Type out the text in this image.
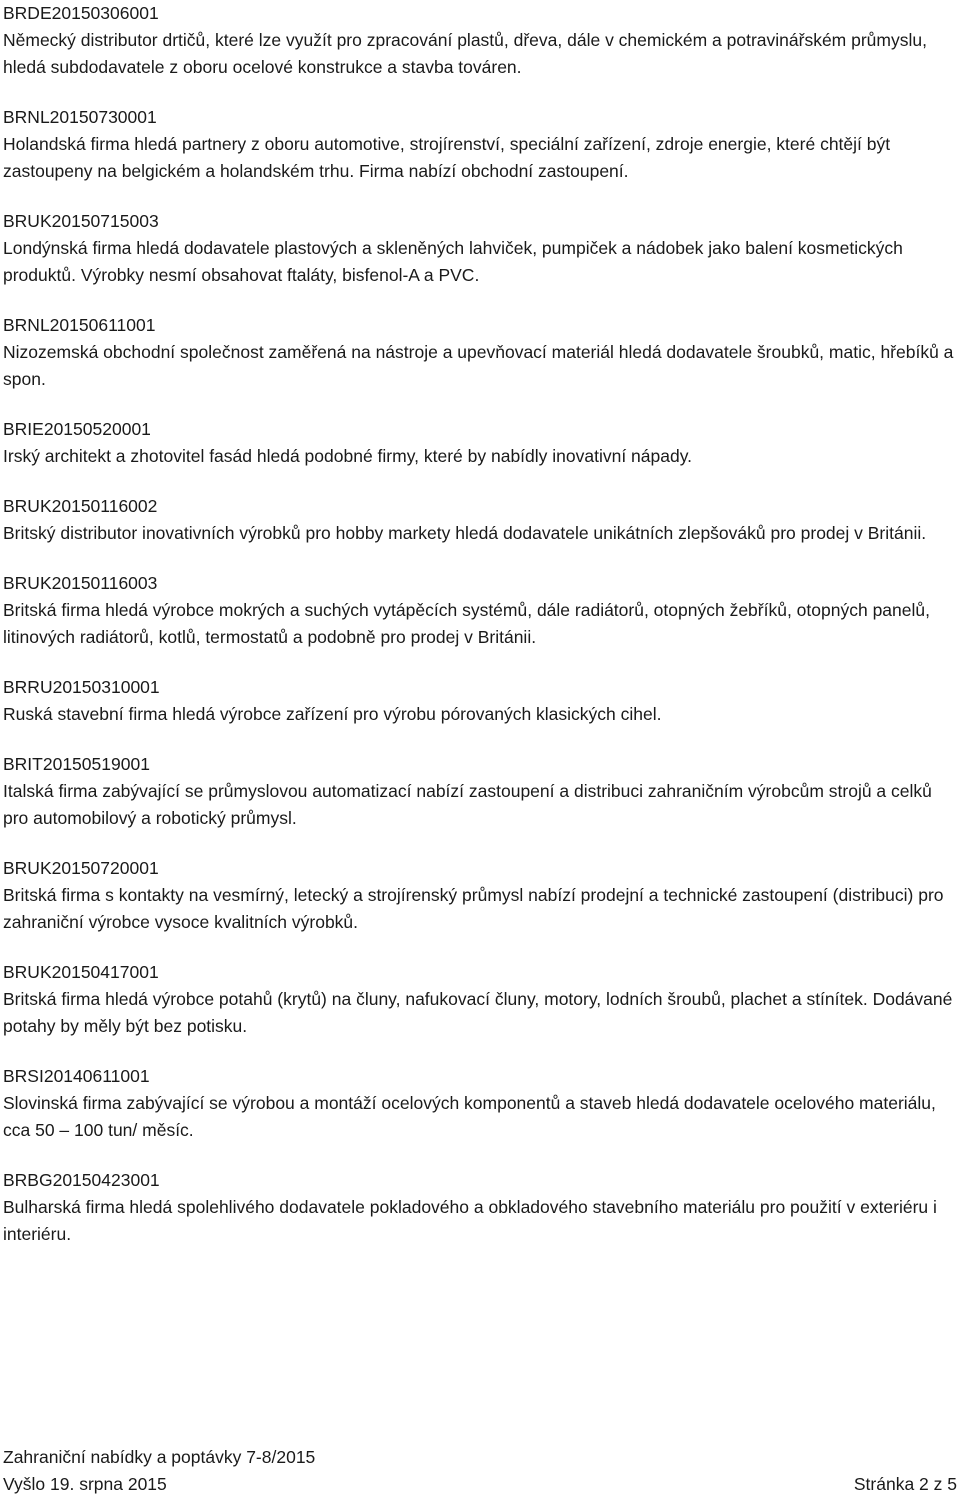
BRDE20150306001

Německý distributor drtičů, které lze využít pro zpracování plastů, dřeva, dále v chemickém a potravinářském průmyslu, hledá subdodavatele z oboru ocelové konstrukce a stavba továren.

BRNL20150730001

Holandská firma hledá partnery z oboru automotive, strojírenství, speciální zařízení, zdroje energie, které chtějí být zastoupeny na belgickém a holandském trhu. Firma nabízí obchodní zastoupení.

BRUK20150715003

Londýnská firma hledá dodavatele plastových a skleněných lahviček, pumpiček a nádobek jako balení kosmetických produktů. Výrobky nesmí obsahovat ftaláty, bisfenol-A a PVC.

BRNL20150611001

Nizozemská obchodní společnost zaměřená na nástroje a upevňovací materiál hledá dodavatele šroubků, matic, hřebíků a spon.

BRIE20150520001

Irský architekt a zhotovitel fasád hledá podobné firmy, které by nabídly inovativní nápady.

BRUK20150116002

Britský distributor inovativních výrobků pro hobby markety hledá dodavatele unikátních zlepšováků pro prodej v Británii.

BRUK20150116003

Britská firma hledá výrobce mokrých a suchých vytápěcích systémů, dále radiátorů, otopných žebříků, otopných panelů, litinových radiátorů, kotlů, termostatů a podobně pro prodej v Británii.

BRRU20150310001

Ruská stavební firma hledá výrobce zařízení pro výrobu pórovaných klasických cihel.

BRIT20150519001

Italská firma zabývající se průmyslovou automatizací nabízí zastoupení a distribuci zahraničním výrobcům strojů a celků pro automobilový a robotický průmysl.

BRUK20150720001

Britská firma s kontakty na vesmírný, letecký a strojírenský průmysl nabízí prodejní a technické zastoupení (distribuci) pro zahraniční výrobce vysoce kvalitních výrobků.

BRUK20150417001

Britská firma hledá výrobce potahů (krytů) na čluny, nafukovací čluny, motory, lodních šroubů, plachet a stínítek. Dodávané potahy by měly být bez potisku.

BRSI20140611001

Slovinská firma zabývající se výrobou a montáží ocelových komponentů a staveb hledá dodavatele ocelového materiálu, cca 50 – 100 tun/ měsíc.

BRBG20150423001

Bulharská firma hledá spolehlivého dodavatele pokladového a obkladového stavebního materiálu pro použití v exteriéru i interiéru.

Zahraniční nabídky a poptávky 7-8/2015
Vyšlo 19. srpna 2015	Stránka 2 z 5
